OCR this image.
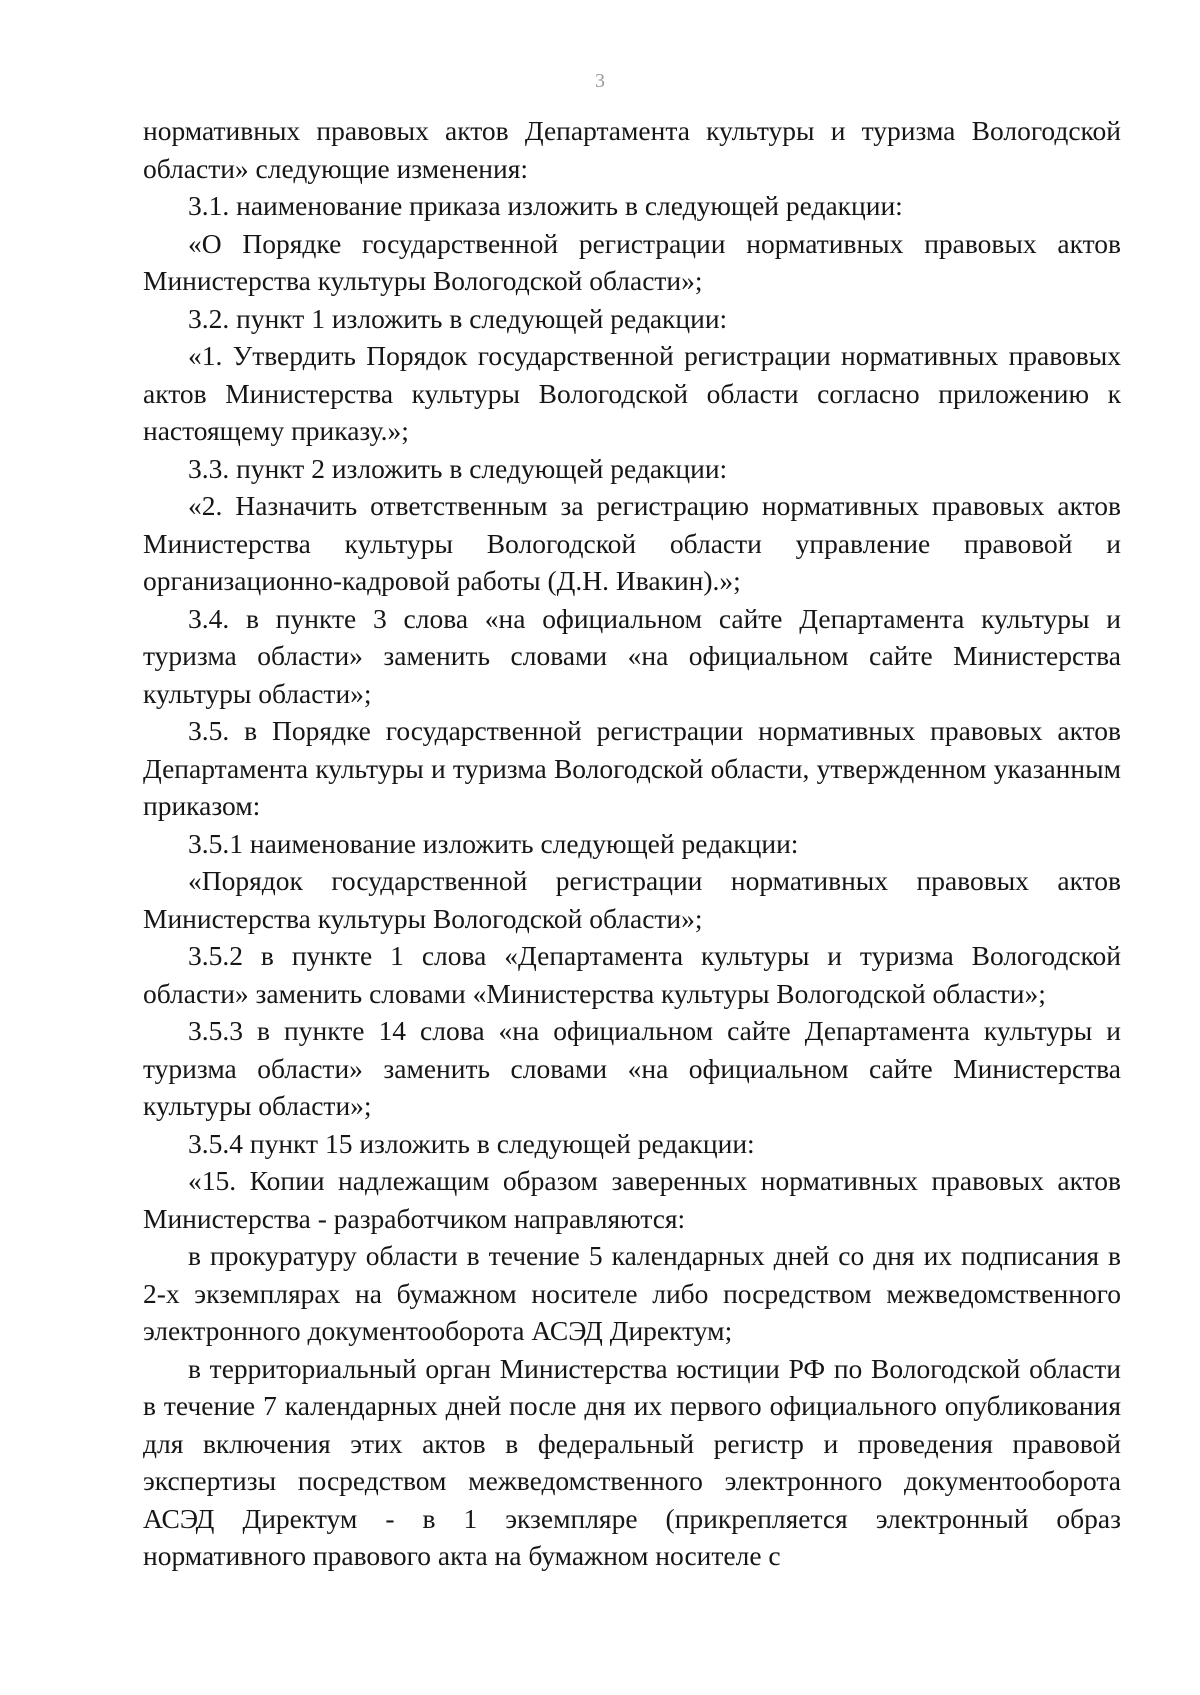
3

нормативных правовых актов Департамента культуры и туризма Вологодской области» следующие изменения:

3.1. наименование приказа изложить в следующей редакции:

«О Порядке государственной регистрации нормативных правовых актов Министерства культуры Вологодской области»;

3.2. пункт 1 изложить в следующей редакции:

«1. Утвердить Порядок государственной регистрации нормативных правовых актов Министерства культуры Вологодской области согласно приложению к настоящему приказу.»;

3.3. пункт 2 изложить в следующей редакции:

«2. Назначить ответственным за регистрацию нормативных правовых актов Министерства культуры Вологодской области управление правовой и организационно-кадровой работы (Д.Н. Ивакин).»;

3.4. в пункте 3 слова «на официальном сайте Департамента культуры и туризма области» заменить словами «на официальном сайте Министерства культуры области»;

3.5. в Порядке государственной регистрации нормативных правовых актов Департамента культуры и туризма Вологодской области, утвержденном указанным приказом:

3.5.1 наименование изложить следующей редакции:

«Порядок государственной регистрации нормативных правовых актов Министерства культуры Вологодской области»;

3.5.2 в пункте 1 слова «Департамента культуры и туризма Вологодской области» заменить словами «Министерства культуры Вологодской области»;

3.5.3 в пункте 14 слова «на официальном сайте Департамента культуры и туризма области» заменить словами «на официальном сайте Министерства культуры области»;

3.5.4 пункт 15 изложить в следующей редакции:

«15. Копии надлежащим образом заверенных нормативных правовых актов Министерства - разработчиком направляются:

в прокуратуру области в течение 5 календарных дней со дня их подписания в 2-х экземплярах на бумажном носителе либо посредством межведомственного электронного документооборота АСЭД Директум;

в территориальный орган Министерства юстиции РФ по Вологодской области в течение 7 календарных дней после дня их первого официального опубликования для включения этих актов в федеральный регистр и проведения правовой экспертизы посредством межведомственного электронного документооборота АСЭД Директум - в 1 экземпляре (прикрепляется электронный образ нормативного правового акта на бумажном носителе с
